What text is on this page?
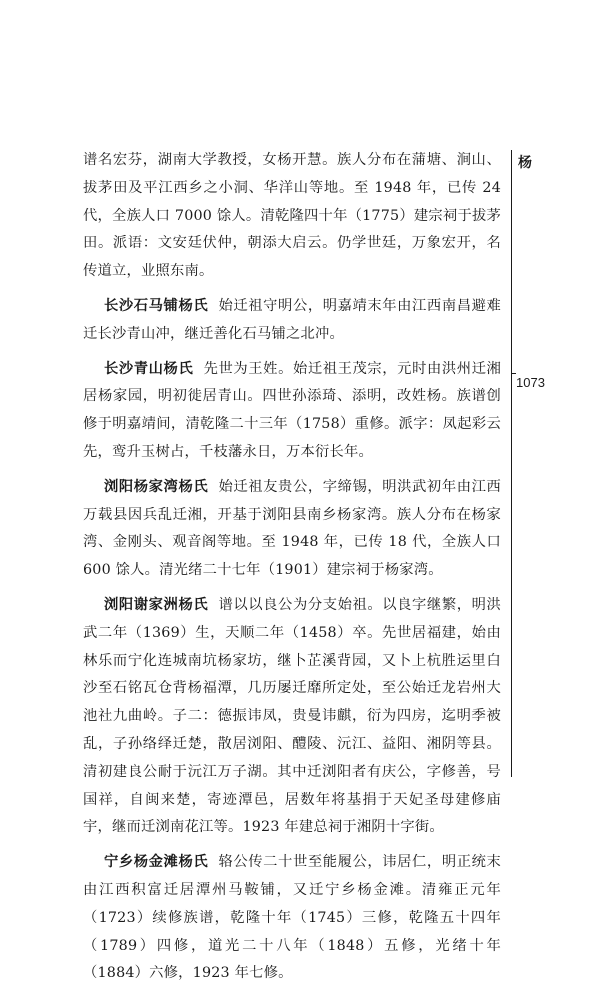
谱名宏芬，湖南大学教授，女杨开慧。族人分布在蒲塘、涧山、拔茅田及平江西乡之小洞、华洋山等地。至 1948 年，已传 24 代，全族人口 7000 馀人。清乾隆四十年（1775）建宗祠于拔茅田。派语：文安廷伏仲，朝添大启云。仍学世廷，万象宏开，名传道立，业照东南。

长沙石马铺杨氏 始迁祖守明公，明嘉靖末年由江西南昌避难迁长沙青山冲，继迁善化石马铺之北冲。

长沙青山杨氏 先世为王姓。始迁祖王茂宗，元时由洪州迁湘居杨家园，明初徙居青山。四世孙添琦、添明，改姓杨。族谱创修于明嘉靖间，清乾隆二十三年（1758）重修。派字：凤起彩云先，鸾升玉树占，千枝藩永日，万本衍长年。

浏阳杨家湾杨氏 始迁祖友贵公，字缔锡，明洪武初年由江西万载县因兵乱迁湘，开基于浏阳县南乡杨家湾。族人分布在杨家湾、金刚头、观音阁等地。至 1948 年，已传 18 代，全族人口 600 馀人。清光绪二十七年（1901）建宗祠于杨家湾。

浏阳谢家洲杨氏 谱以以良公为分支始祖。以良字继繁，明洪武二年（1369）生，天顺二年（1458）卒。先世居福建，始由林乐而宁化连城南坑杨家坊，继卜芷溪背园，又卜上杭胜运里白沙至石铭瓦仓背杨福潭，几历屡迁靡所定处，至公始迁龙岩州大池社九曲岭。子二：德振讳凤，贵曼讳麒，衍为四房，迄明季被乱，子孙络绎迁楚，散居浏阳、醴陵、沅江、益阳、湘阴等县。清初建良公耐于沅江万子湖。其中迁浏阳者有庆公，字修善，号国祥，自闽来楚，寄迹潭邑，居数年将基捐于天妃圣母建修庙宇，继而迁浏南花江等。1923 年建总祠于湘阴十字街。

宁乡杨金滩杨氏 辂公传二十世至能履公，讳居仁，明正统末由江西积富迁居潭州马鞍铺，又迁宁乡杨金滩。清雍正元年（1723）续修族谱，乾隆十年（1745）三修，乾隆五十四年（1789）四修，道光二十八年（1848）五修，光绪十年（1884）六修，1923 年七修。

杨
1073
